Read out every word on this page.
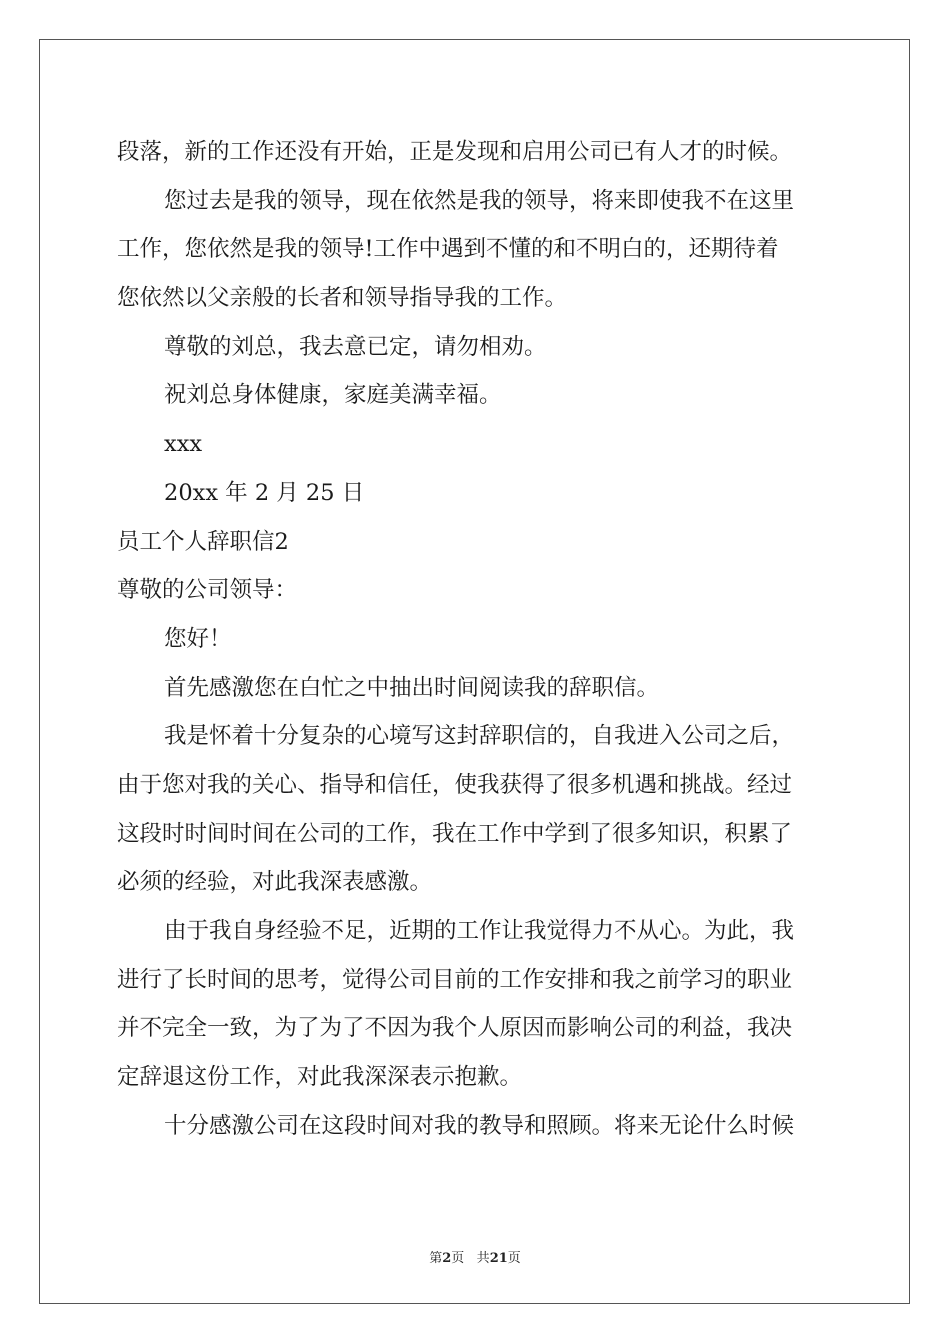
段落，新的工作还没有开始，正是发现和启用公司已有人才的时候。
您过去是我的领导，现在依然是我的领导，将来即使我不在这里
工作，您依然是我的领导!工作中遇到不懂的和不明白的，还期待着
您依然以父亲般的长者和领导指导我的工作。
尊敬的刘总，我去意已定，请勿相劝。
祝刘总身体健康，家庭美满幸福。
xxx
20xx 年 2 月 25 日
员工个人辞职信2
尊敬的公司领导：
您好！
首先感激您在白忙之中抽出时间阅读我的辞职信。
我是怀着十分复杂的心境写这封辞职信的，自我进入公司之后，
由于您对我的关心、指导和信任，使我获得了很多机遇和挑战。经过
这段时时间时间在公司的工作，我在工作中学到了很多知识，积累了
必须的经验，对此我深表感激。
由于我自身经验不足，近期的工作让我觉得力不从心。为此，我
进行了长时间的思考，觉得公司目前的工作安排和我之前学习的职业
并不完全一致，为了为了不因为我个人原因而影响公司的利益，我决
定辞退这份工作，对此我深深表示抱歉。
十分感激公司在这段时间对我的教导和照顾。将来无论什么时候
第2页 共21页
